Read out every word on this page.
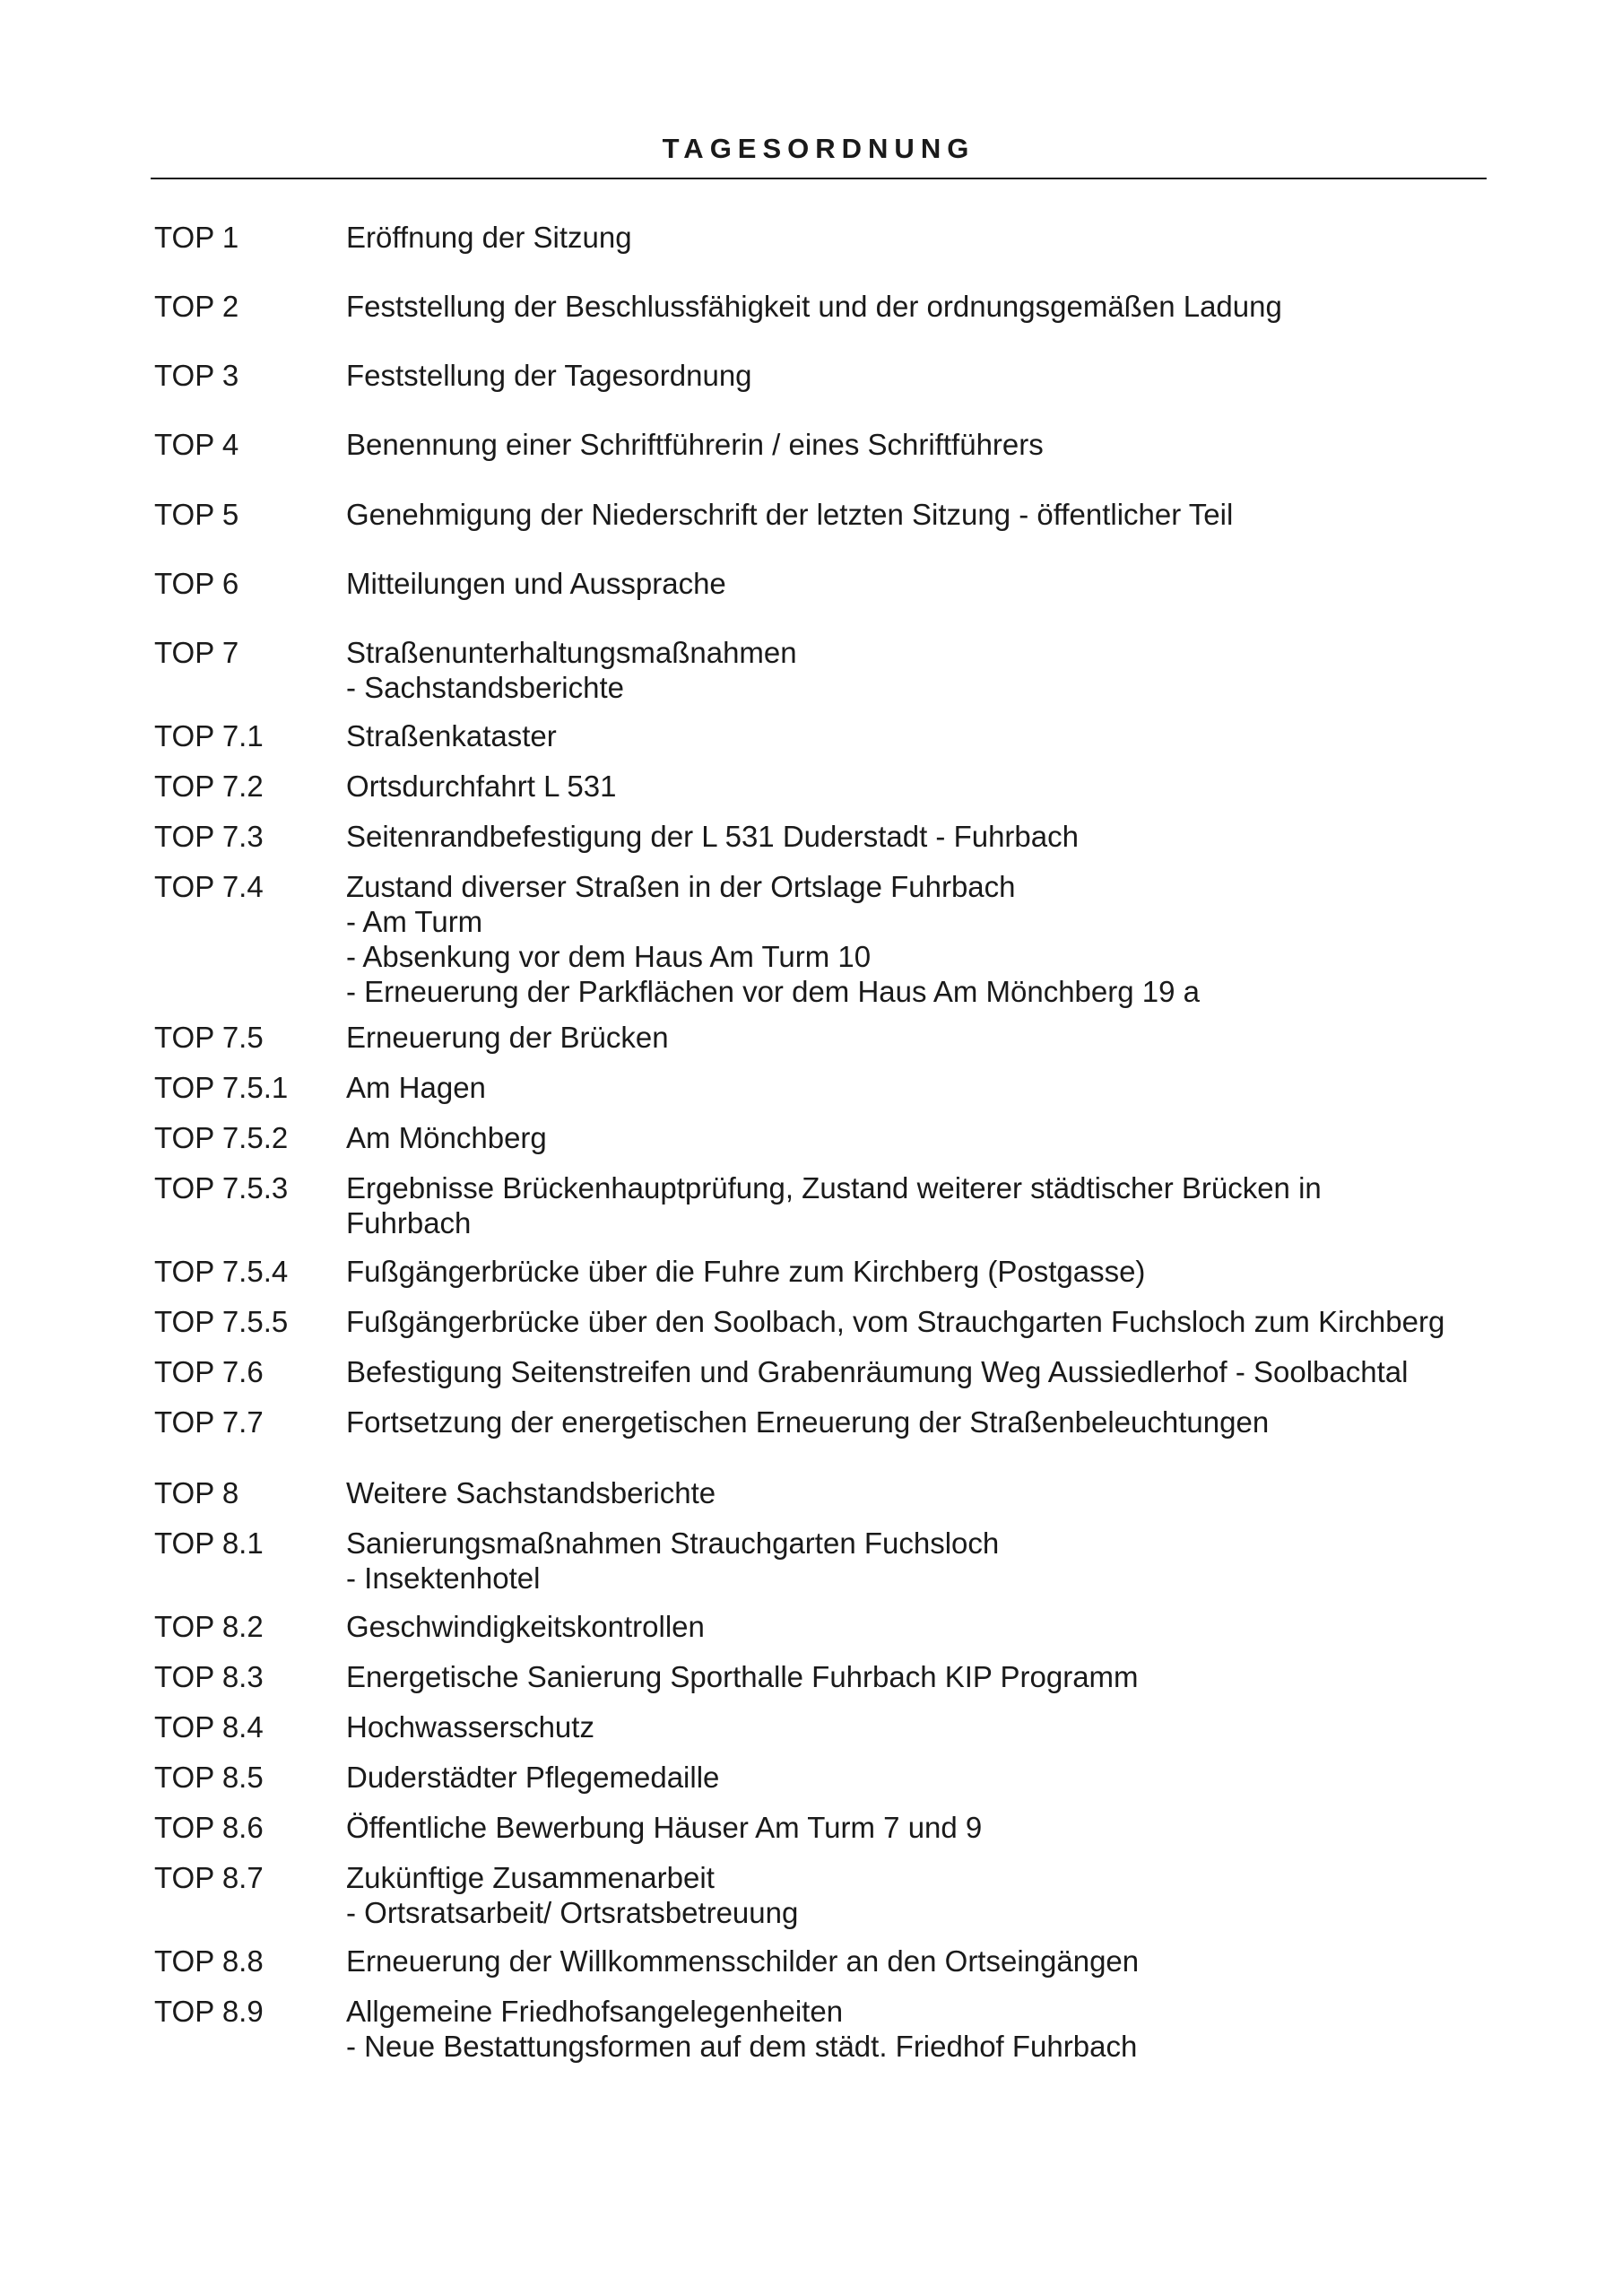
TAGESORDNUNG
TOP 1	Eröffnung der Sitzung
TOP 2	Feststellung der Beschlussfähigkeit und der ordnungsgemäßen Ladung
TOP 3	Feststellung der Tagesordnung
TOP 4	Benennung einer Schriftführerin / eines Schriftführers
TOP 5	Genehmigung der Niederschrift der letzten Sitzung - öffentlicher Teil
TOP 6	Mitteilungen und Aussprache
TOP 7	Straßenunterhaltungsmaßnahmen
- Sachstandsberichte
TOP 7.1	Straßenkataster
TOP 7.2	Ortsdurchfahrt L 531
TOP 7.3	Seitenrandbefestigung der L 531 Duderstadt - Fuhrbach
TOP 7.4	Zustand diverser Straßen in der Ortslage Fuhrbach
- Am Turm
- Absenkung vor dem Haus Am Turm 10
- Erneuerung der Parkflächen vor dem Haus Am Mönchberg 19 a
TOP 7.5	Erneuerung der Brücken
TOP 7.5.1	Am Hagen
TOP 7.5.2	Am Mönchberg
TOP 7.5.3	Ergebnisse Brückenhauptprüfung, Zustand weiterer städtischer Brücken in
Fuhrbach
TOP 7.5.4	Fußgängerbrücke über die Fuhre zum Kirchberg (Postgasse)
TOP 7.5.5	Fußgängerbrücke über den Soolbach, vom Strauchgarten Fuchsloch zum Kirchberg
TOP 7.6	Befestigung Seitenstreifen und Grabenräumung Weg Aussiedlerhof - Soolbachtal
TOP 7.7	Fortsetzung der energetischen Erneuerung der Straßenbeleuchtungen
TOP 8	Weitere Sachstandsberichte
TOP 8.1	Sanierungsmaßnahmen Strauchgarten Fuchsloch
- Insektenhotel
TOP 8.2	Geschwindigkeitskontrollen
TOP 8.3	Energetische Sanierung Sporthalle Fuhrbach KIP Programm
TOP 8.4	Hochwasserschutz
TOP 8.5	Duderstädter Pflegemedaille
TOP 8.6	Öffentliche Bewerbung Häuser Am Turm 7 und 9
TOP 8.7	Zukünftige Zusammenarbeit
- Ortsratsarbeit/ Ortsratsbetreuung
TOP 8.8	Erneuerung der Willkommensschilder an den Ortseingängen
TOP 8.9	Allgemeine Friedhofsangelegenheiten
- Neue Bestattungsformen auf dem städt. Friedhof Fuhrbach
